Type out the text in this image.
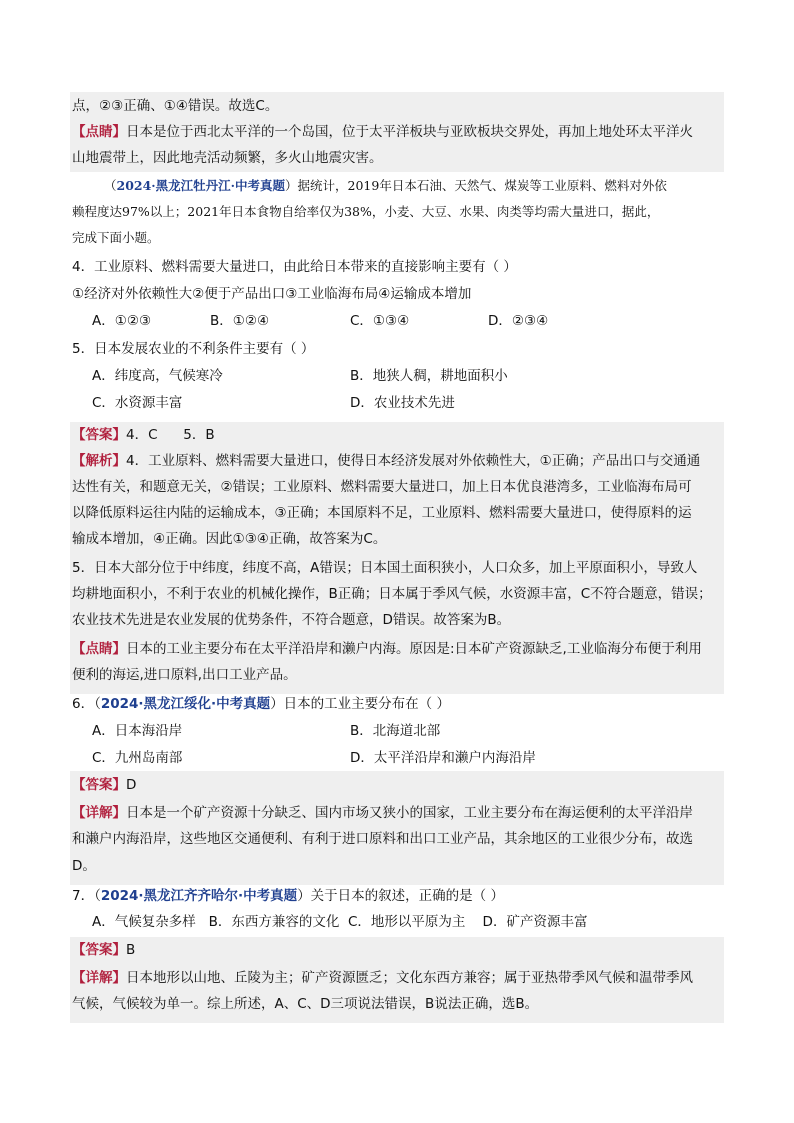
点，②③正确、①④错误。故选C。
【点睛】日本是位于西北太平洋的一个岛国，位于太平洋板块与亚欧板块交界处，再加上地处环太平洋火
山地震带上，因此地壳活动频繁，多火山地震灾害。
（2024·黑龙江牡丹江·中考真题）据统计，2019年日本石油、天然气、煤炭等工业原料、燃料对外依
赖程度达97%以上；2021年日本食物自给率仅为38%，小麦、大豆、水果、肉类等均需大量进口，据此，
完成下面小题。
4．工业原料、燃料需要大量进口，由此给日本带来的直接影响主要有（ ）
①经济对外依赖性大②便于产品出口③工业临海布局④运输成本增加
A．①②③	B．①②④	C．①③④	D．②③④
5．日本发展农业的不利条件主要有（ ）
A．纬度高，气候寒冷	B．地狭人稠，耕地面积小
C．水资源丰富	D．农业技术先进
【答案】4．C      5．B
【解析】4．工业原料、燃料需要大量进口，使得日本经济发展对外依赖性大，①正确；产品出口与交通通
达性有关，和题意无关，②错误；工业原料、燃料需要大量进口，加上日本优良港湾多，工业临海布局可
以降低原料运往内陆的运输成本，③正确；本国原料不足，工业原料、燃料需要大量进口，使得原料的运
输成本增加，④正确。因此①③④正确，故答案为C。
5．日本大部分位于中纬度，纬度不高，A错误；日本国土面积狭小，人口众多，加上平原面积小，导致人
均耕地面积小，不利于农业的机械化操作，B正确；日本属于季风气候，水资源丰富，C不符合题意，错误；
农业技术先进是农业发展的优势条件，不符合题意，D错误。故答案为B。
【点睛】日本的工业主要分布在太平洋沿岸和濑户内海。原因是:日本矿产资源缺乏,工业临海分布便于利用
便利的海运,进口原料,出口工业产品。
6．（2024·黑龙江绥化·中考真题）日本的工业主要分布在（ ）
A．日本海沿岸	B．北海道北部
C．九州岛南部	D．太平洋沿岸和濑户内海沿岸
【答案】D
【详解】日本是一个矿产资源十分缺乏、国内市场又狭小的国家，工业主要分布在海运便利的太平洋沿岸
和濑户内海沿岸，这些地区交通便利、有利于进口原料和出口工业产品，其余地区的工业很少分布，故选
D。
7．（2024·黑龙江齐齐哈尔·中考真题）关于日本的叙述，正确的是（ ）
A．气候复杂多样   B．东西方兼容的文化  C．地形以平原为主    D．矿产资源丰富
【答案】B
【详解】日本地形以山地、丘陵为主；矿产资源匮乏；文化东西方兼容；属于亚热带季风气候和温带季风
气候，气候较为单一。综上所述，A、C、D三项说法错误，B说法正确，选B。
